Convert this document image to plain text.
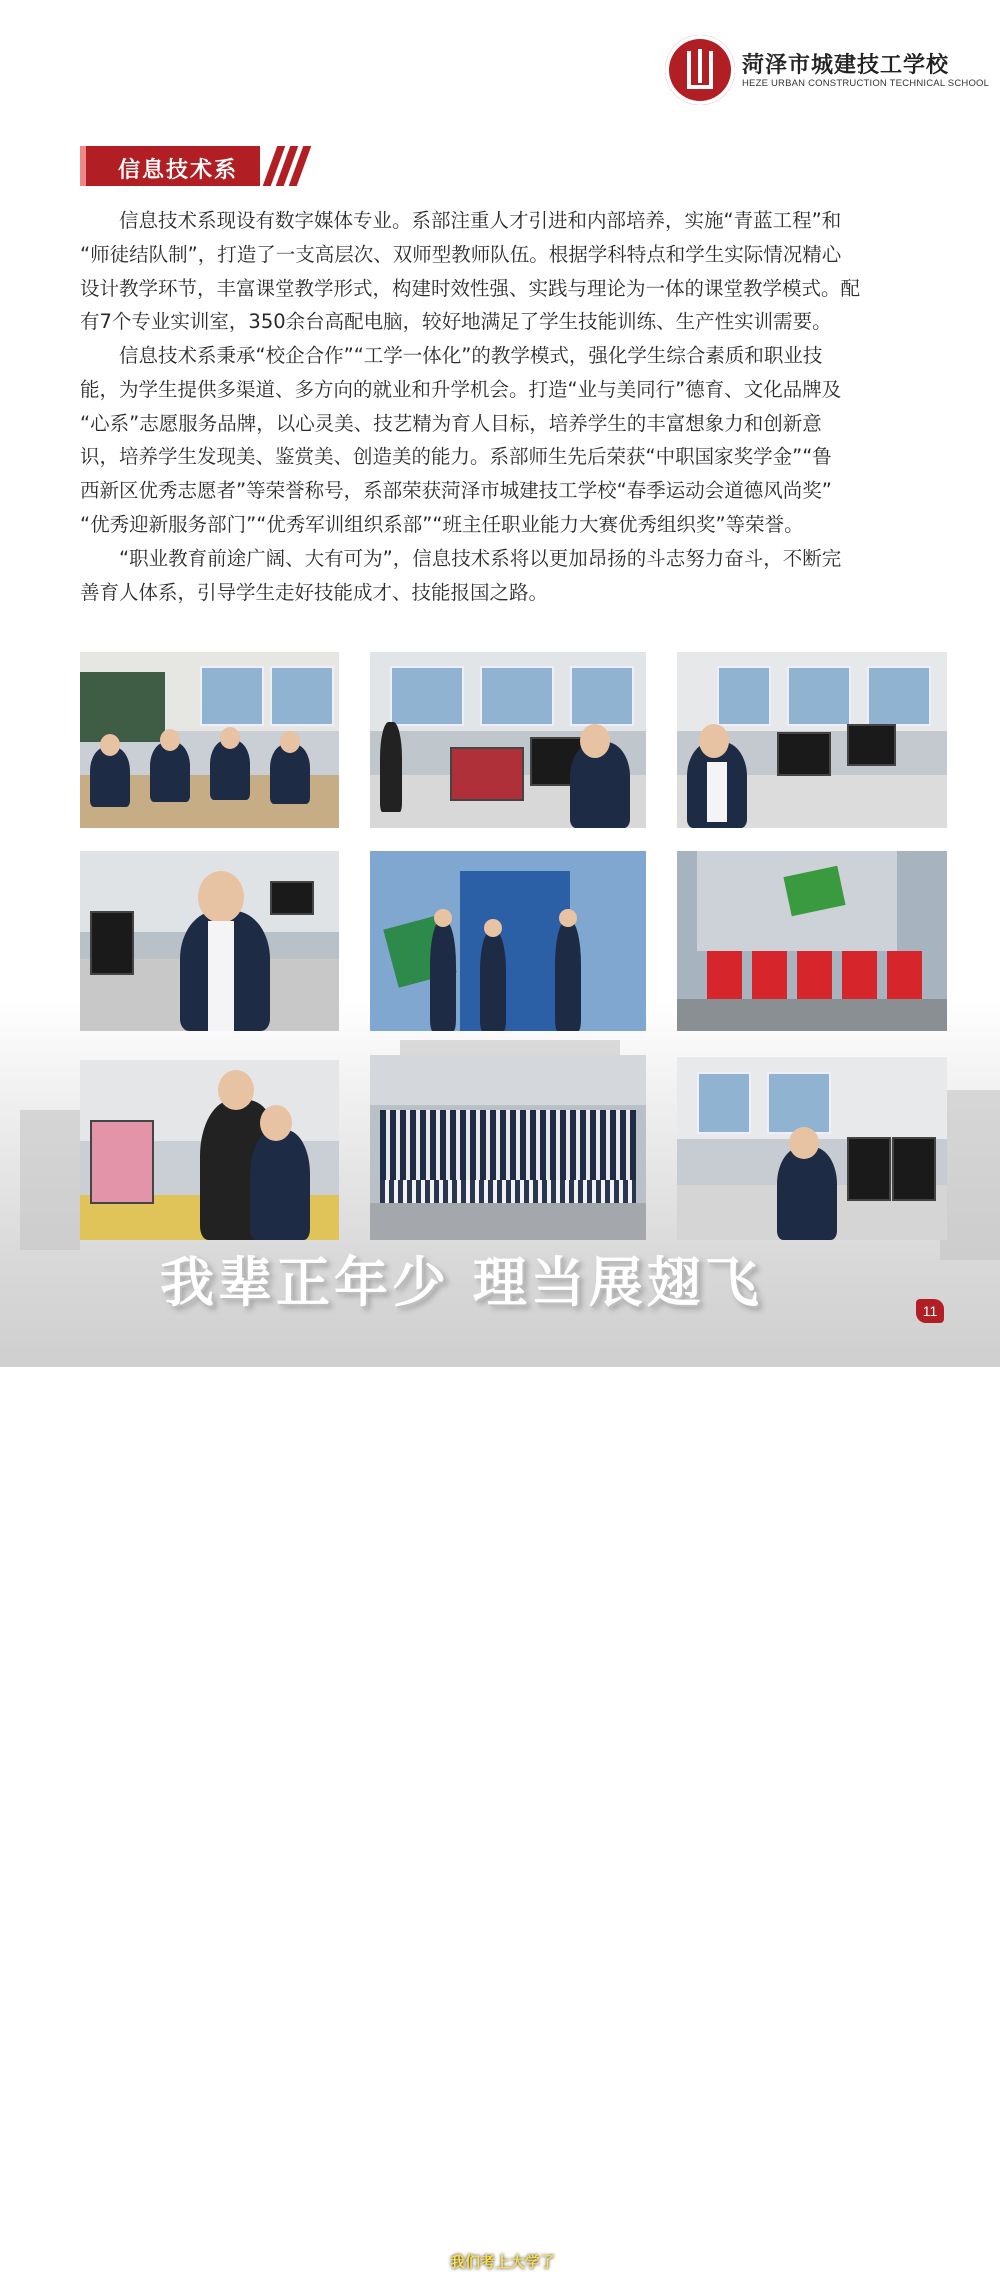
菏泽市城建技工学校
HEZE URBAN CONSTRUCTION TECHNICAL SCHOOL
信息技术系
　　信息技术系现设有数字媒体专业。系部注重人才引进和内部培养，实施“青蓝工程”和
“师徒结队制”，打造了一支高层次、双师型教师队伍。根据学科特点和学生实际情况精心
设计教学环节，丰富课堂教学形式，构建时效性强、实践与理论为一体的课堂教学模式。配
有7个专业实训室，350余台高配电脑，较好地满足了学生技能训练、生产性实训需要。
　　信息技术系秉承“校企合作”“工学一体化”的教学模式，强化学生综合素质和职业技
能，为学生提供多渠道、多方向的就业和升学机会。打造“业与美同行”德育、文化品牌及
“心系”志愿服务品牌，以心灵美、技艺精为育人目标，培养学生的丰富想象力和创新意
识，培养学生发现美、鉴赏美、创造美的能力。系部师生先后荣获“中职国家奖学金”“鲁
西新区优秀志愿者”等荣誉称号，系部荣获菏泽市城建技工学校“春季运动会道德风尚奖”
“优秀迎新服务部门”“优秀军训组织系部”“班主任职业能力大赛优秀组织奖”等荣誉。
　　“职业教育前途广阔、大有可为”，信息技术系将以更加昂扬的斗志努力奋斗，不断完
善育人体系，引导学生走好技能成才、技能报国之路。
我们考上大学了
我辈正年少 理当展翅飞	11
